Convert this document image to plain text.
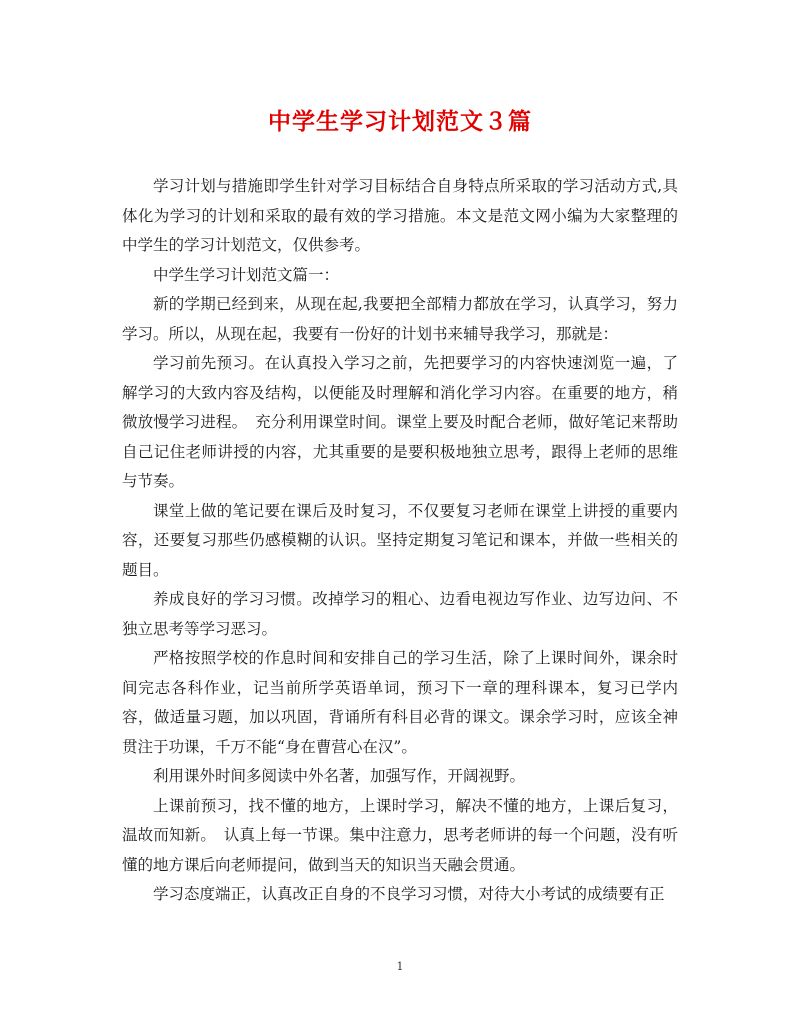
中学生学习计划范文３篇

学习计划与措施即学生针对学习目标结合自身特点所采取的学习活动方式,具体化为学习的计划和采取的最有效的学习措施。本文是范文网小编为大家整理的中学生的学习计划范文，仅供参考。

中学生学习计划范文篇一：

新的学期已经到来，从现在起,我要把全部精力都放在学习，认真学习，努力学习。所以，从现在起，我要有一份好的计划书来辅导我学习，那就是：

学习前先预习。在认真投入学习之前，先把要学习的内容快速浏览一遍，了解学习的大致内容及结构，以便能及时理解和消化学习内容。在重要的地方，稍微放慢学习进程。　充分利用课堂时间。课堂上要及时配合老师，做好笔记来帮助自己记住老师讲授的内容，尤其重要的是要积极地独立思考，跟得上老师的思维与节奏。

课堂上做的笔记要在课后及时复习，不仅要复习老师在课堂上讲授的重要内容，还要复习那些仍感模糊的认识。坚持定期复习笔记和课本，并做一些相关的题目。

养成良好的学习习惯。改掉学习的粗心、边看电视边写作业、边写边问、不独立思考等学习恶习。

严格按照学校的作息时间和安排自己的学习生活，除了上课时间外，课余时间完志各科作业，记当前所学英语单词，预习下一章的理科课本，复习已学内容，做适量习题，加以巩固，背诵所有科目必背的课文。课余学习时，应该全神贯注于功课，千万不能“身在曹营心在汉”。

利用课外时间多阅读中外名著，加强写作，开阔视野。

上课前预习，找不懂的地方，上课时学习，解决不懂的地方，上课后复习，温故而知新。　认真上每一节课。集中注意力，思考老师讲的每一个问题，没有听懂的地方课后向老师提问，做到当天的知识当天融会贯通。

学习态度端正，认真改正自身的不良学习习惯，对待大小考试的成绩要有正

1
